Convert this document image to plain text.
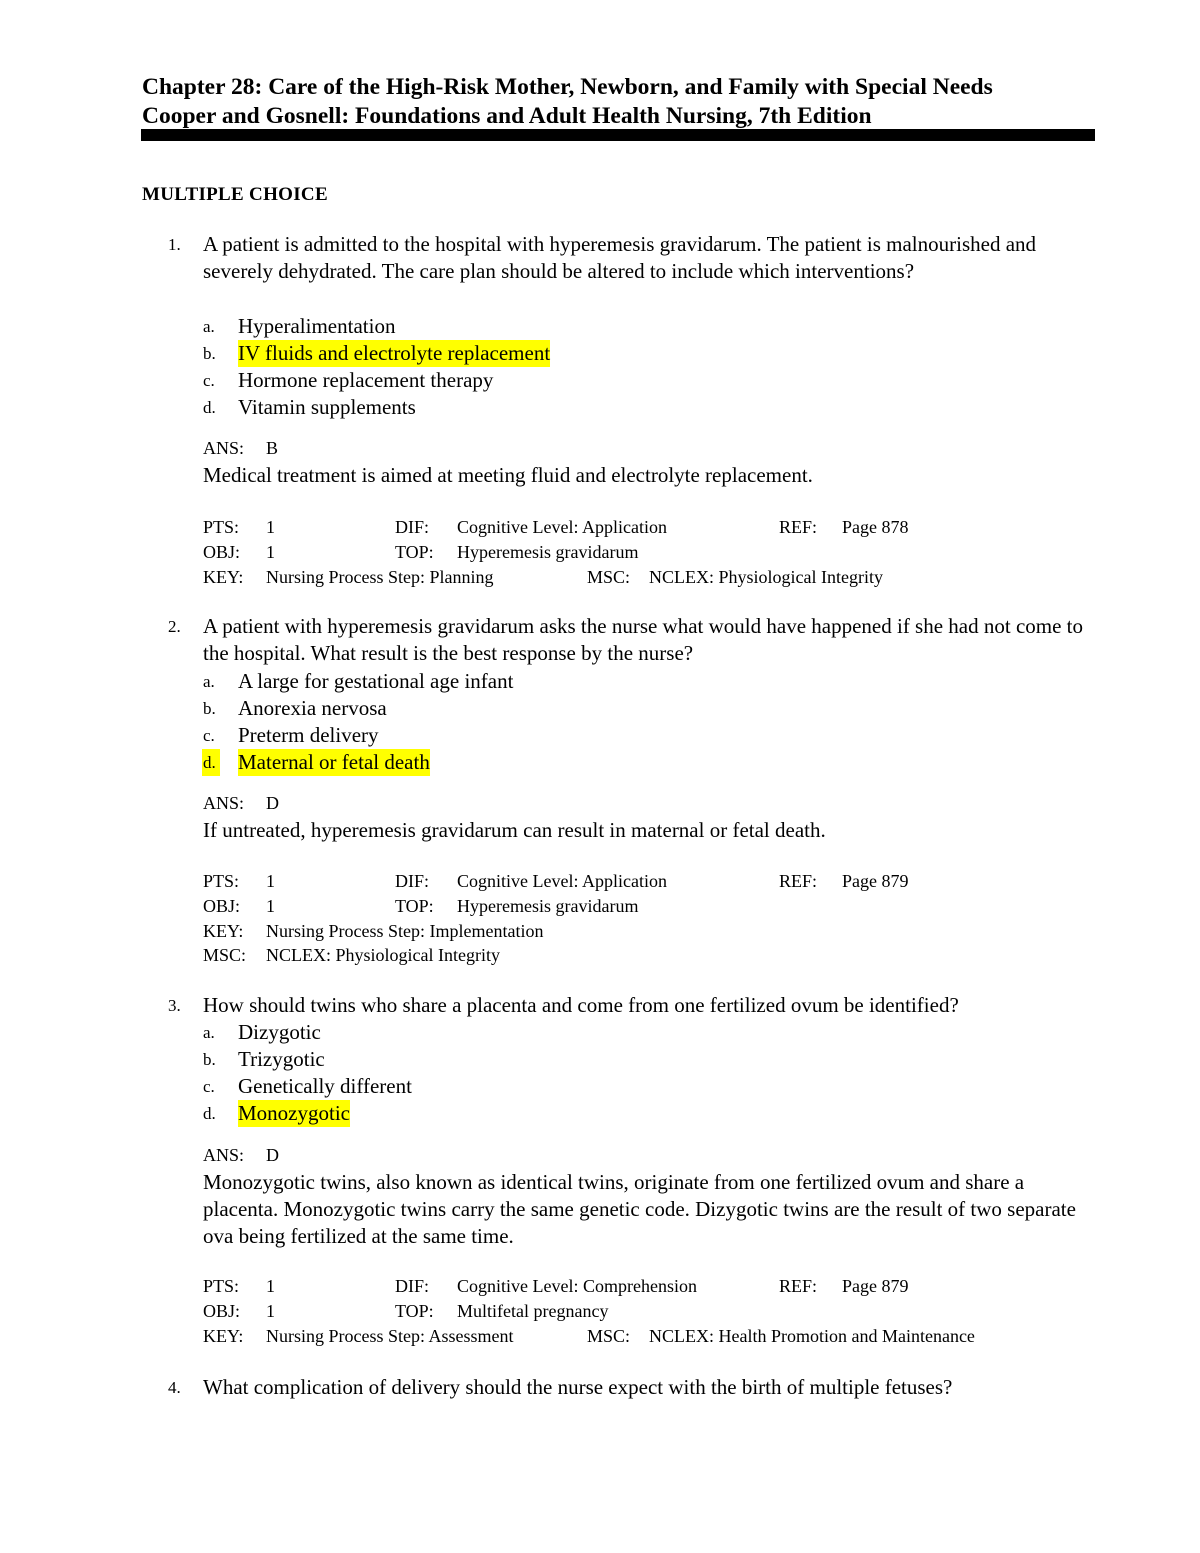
Chapter 28: Care of the High-Risk Mother, Newborn, and Family with Special Needs
Cooper and Gosnell: Foundations and Adult Health Nursing, 7th Edition
MULTIPLE CHOICE
1. A patient is admitted to the hospital with hyperemesis gravidarum. The patient is malnourished and severely dehydrated. The care plan should be altered to include which interventions?
a. Hyperalimentation
b. IV fluids and electrolyte replacement
c. Hormone replacement therapy
d. Vitamin supplements
ANS: B
Medical treatment is aimed at meeting fluid and electrolyte replacement.
PTS: 1	DIF: Cognitive Level: Application	REF: Page 878
OBJ: 1	TOP: Hyperemesis gravidarum
KEY: Nursing Process Step: Planning	MSC: NCLEX: Physiological Integrity
2. A patient with hyperemesis gravidarum asks the nurse what would have happened if she had not come to the hospital. What result is the best response by the nurse?
a. A large for gestational age infant
b. Anorexia nervosa
c. Preterm delivery
d. Maternal or fetal death
ANS: D
If untreated, hyperemesis gravidarum can result in maternal or fetal death.
PTS: 1	DIF: Cognitive Level: Application	REF: Page 879
OBJ: 1	TOP: Hyperemesis gravidarum
KEY: Nursing Process Step: Implementation
MSC: NCLEX: Physiological Integrity
3. How should twins who share a placenta and come from one fertilized ovum be identified?
a. Dizygotic
b. Trizygotic
c. Genetically different
d. Monozygotic
ANS: D
Monozygotic twins, also known as identical twins, originate from one fertilized ovum and share a placenta. Monozygotic twins carry the same genetic code. Dizygotic twins are the result of two separate ova being fertilized at the same time.
PTS: 1	DIF: Cognitive Level: Comprehension	REF: Page 879
OBJ: 1	TOP: Multifetal pregnancy
KEY: Nursing Process Step: Assessment	MSC: NCLEX: Health Promotion and Maintenance
4. What complication of delivery should the nurse expect with the birth of multiple fetuses?
